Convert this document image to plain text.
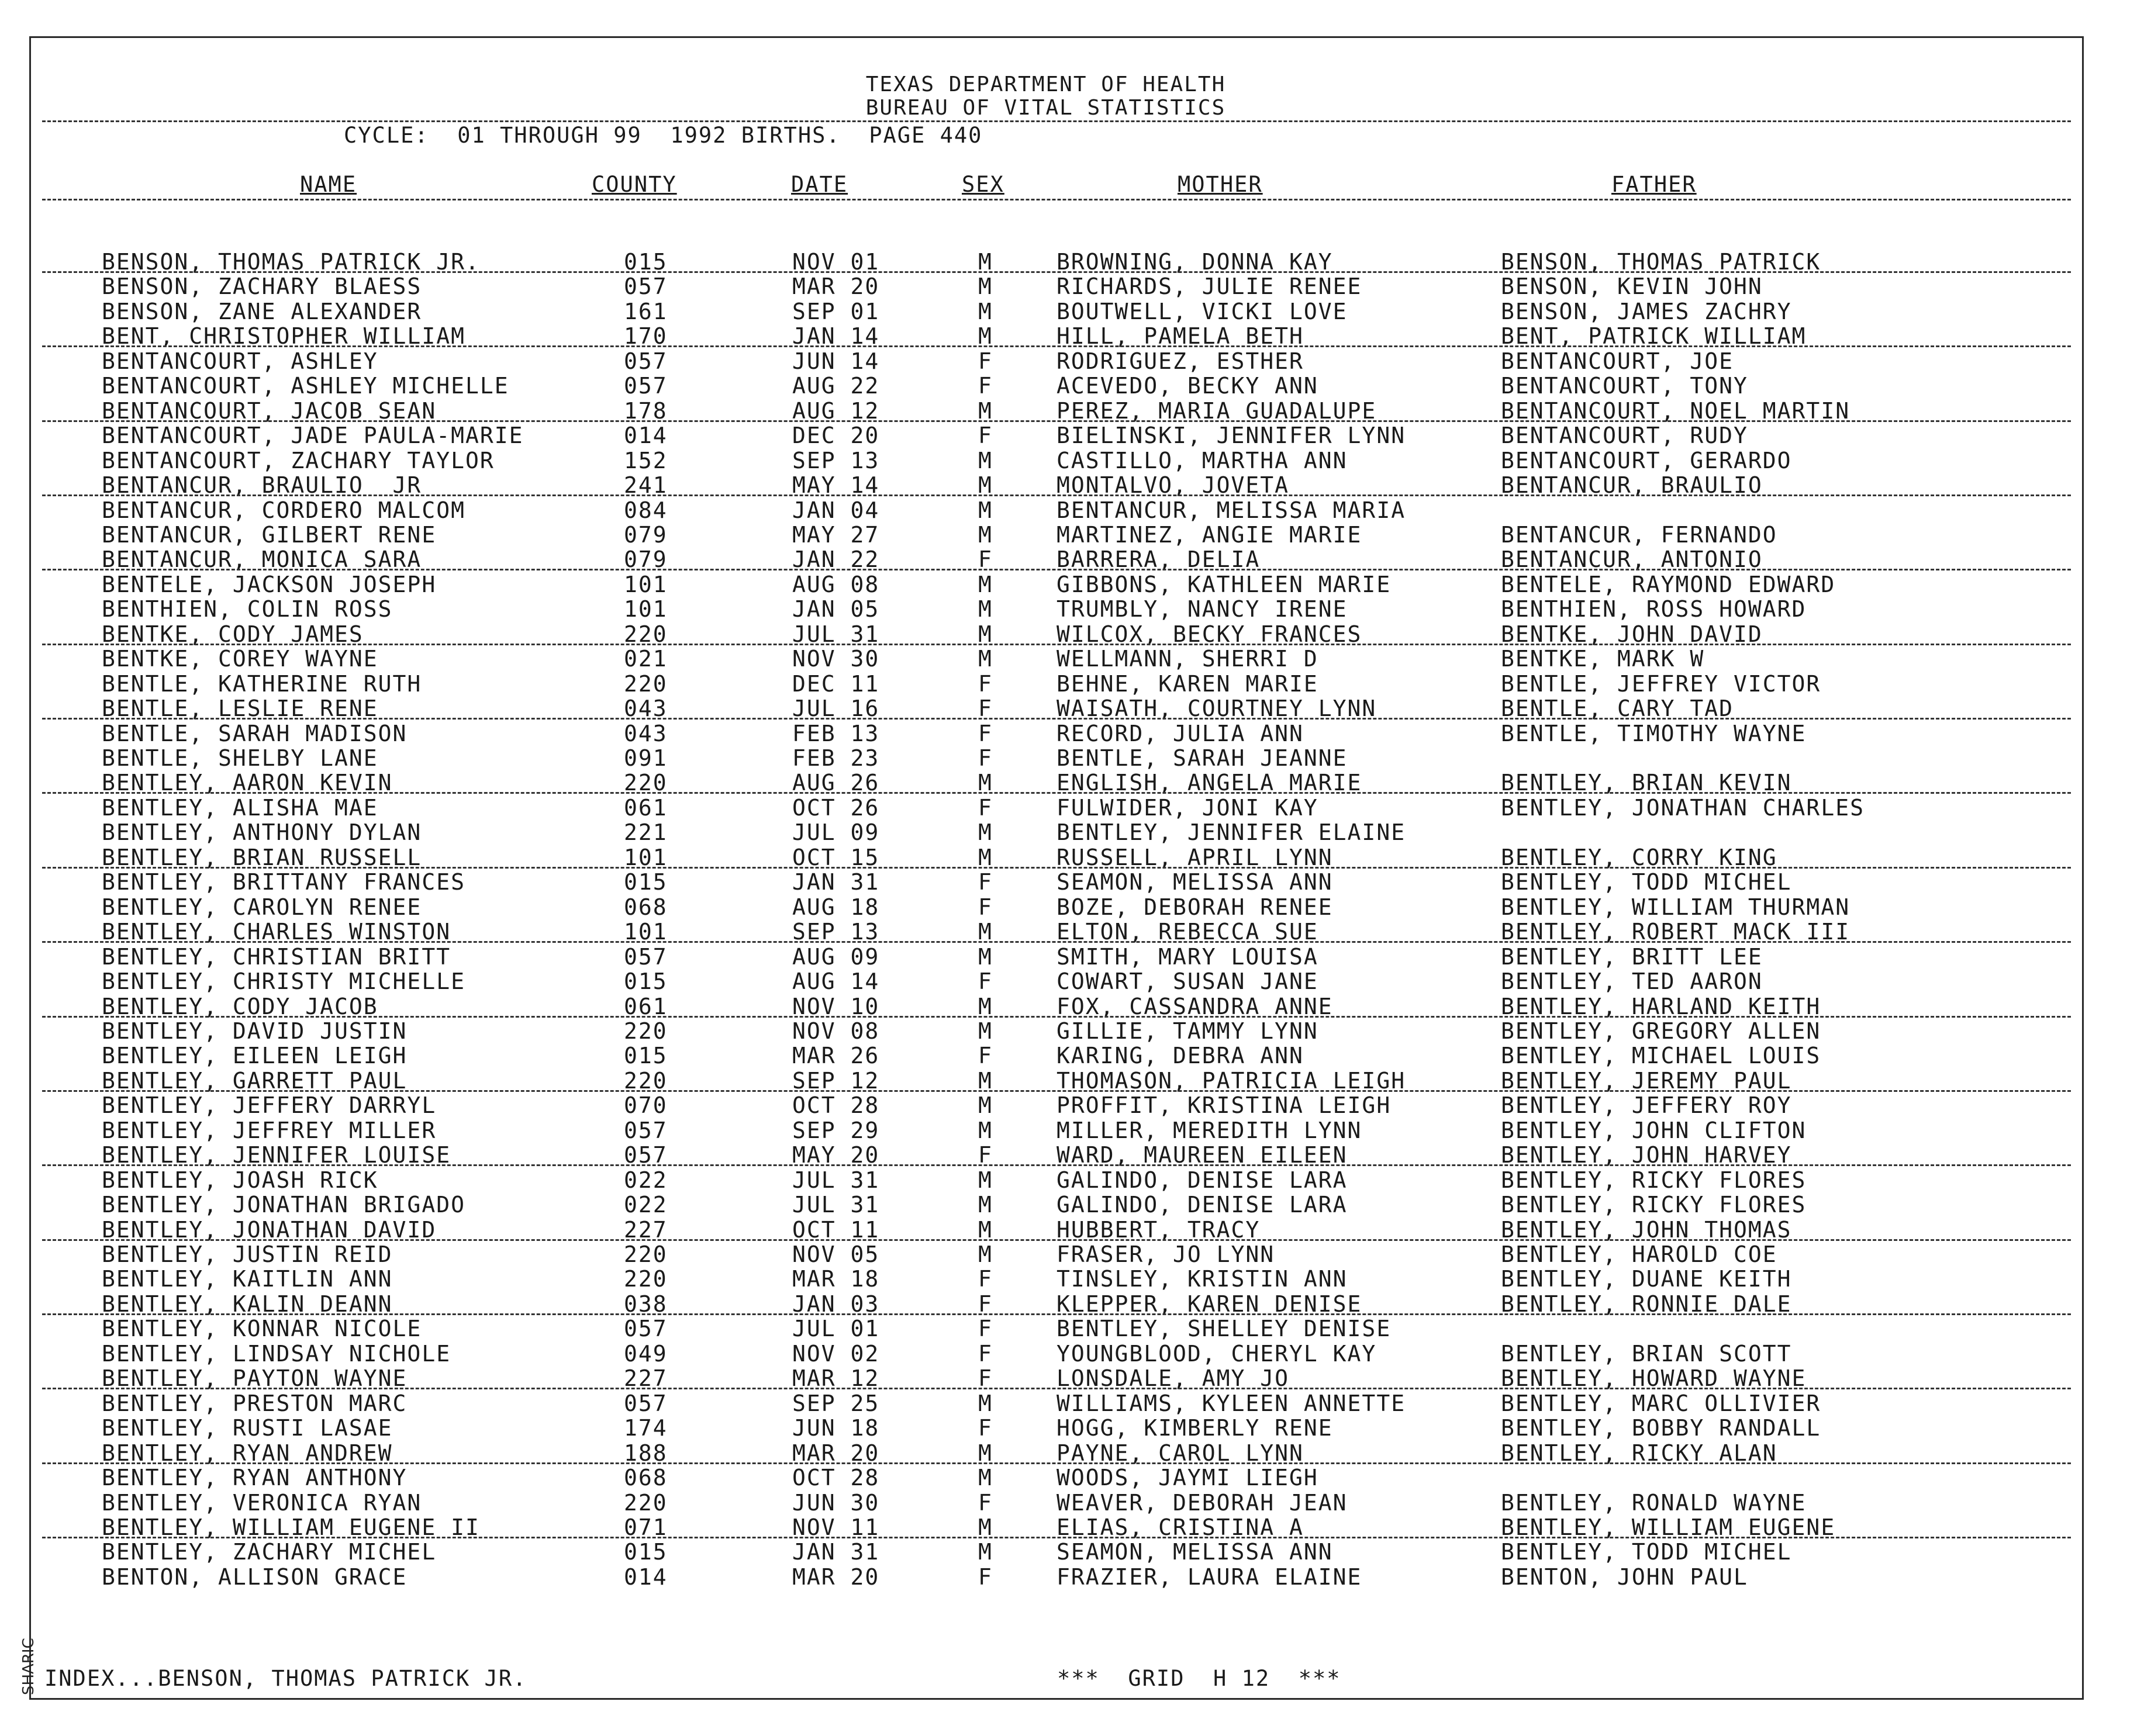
TEXAS DEPARTMENT OF HEALTH
BUREAU OF VITAL STATISTICS
CYCLE:  01 THROUGH 99  1992 BIRTHS.  PAGE 440
NAME	COUNTY	DATE	SEX	MOTHER	FATHER
BENSON, THOMAS PATRICK JR.	015	NOV 01	M	BROWNING, DONNA KAY	BENSON, THOMAS PATRICK
BENSON, ZACHARY BLAESS	057	MAR 20	M	RICHARDS, JULIE RENEE	BENSON, KEVIN JOHN
BENSON, ZANE ALEXANDER	161	SEP 01	M	BOUTWELL, VICKI LOVE	BENSON, JAMES ZACHRY
BENT, CHRISTOPHER WILLIAM	170	JAN 14	M	HILL, PAMELA BETH	BENT, PATRICK WILLIAM
BENTANCOURT, ASHLEY	057	JUN 14	F	RODRIGUEZ, ESTHER	BENTANCOURT, JOE
BENTANCOURT, ASHLEY MICHELLE	057	AUG 22	F	ACEVEDO, BECKY ANN	BENTANCOURT, TONY
BENTANCOURT, JACOB SEAN	178	AUG 12	M	PEREZ, MARIA GUADALUPE	BENTANCOURT, NOEL MARTIN
BENTANCOURT, JADE PAULA-MARIE	014	DEC 20	F	BIELINSKI, JENNIFER LYNN	BENTANCOURT, RUDY
BENTANCOURT, ZACHARY TAYLOR	152	SEP 13	M	CASTILLO, MARTHA ANN	BENTANCOURT, GERARDO
BENTANCUR, BRAULIO  JR	241	MAY 14	M	MONTALVO, JOVETA	BENTANCUR, BRAULIO
BENTANCUR, CORDERO MALCOM	084	JAN 04	M	BENTANCUR, MELISSA MARIA
BENTANCUR, GILBERT RENE	079	MAY 27	M	MARTINEZ, ANGIE MARIE	BENTANCUR, FERNANDO
BENTANCUR, MONICA SARA	079	JAN 22	F	BARRERA, DELIA	BENTANCUR, ANTONIO
BENTELE, JACKSON JOSEPH	101	AUG 08	M	GIBBONS, KATHLEEN MARIE	BENTELE, RAYMOND EDWARD
BENTHIEN, COLIN ROSS	101	JAN 05	M	TRUMBLY, NANCY IRENE	BENTHIEN, ROSS HOWARD
BENTKE, CODY JAMES	220	JUL 31	M	WILCOX, BECKY FRANCES	BENTKE, JOHN DAVID
BENTKE, COREY WAYNE	021	NOV 30	M	WELLMANN, SHERRI D	BENTKE, MARK W
BENTLE, KATHERINE RUTH	220	DEC 11	F	BEHNE, KAREN MARIE	BENTLE, JEFFREY VICTOR
BENTLE, LESLIE RENE	043	JUL 16	F	WAISATH, COURTNEY LYNN	BENTLE, CARY TAD
BENTLE, SARAH MADISON	043	FEB 13	F	RECORD, JULIA ANN	BENTLE, TIMOTHY WAYNE
BENTLE, SHELBY LANE	091	FEB 23	F	BENTLE, SARAH JEANNE
BENTLEY, AARON KEVIN	220	AUG 26	M	ENGLISH, ANGELA MARIE	BENTLEY, BRIAN KEVIN
BENTLEY, ALISHA MAE	061	OCT 26	F	FULWIDER, JONI KAY	BENTLEY, JONATHAN CHARLES
BENTLEY, ANTHONY DYLAN	221	JUL 09	M	BENTLEY, JENNIFER ELAINE
BENTLEY, BRIAN RUSSELL	101	OCT 15	M	RUSSELL, APRIL LYNN	BENTLEY, CORRY KING
BENTLEY, BRITTANY FRANCES	015	JAN 31	F	SEAMON, MELISSA ANN	BENTLEY, TODD MICHEL
BENTLEY, CAROLYN RENEE	068	AUG 18	F	BOZE, DEBORAH RENEE	BENTLEY, WILLIAM THURMAN
BENTLEY, CHARLES WINSTON	101	SEP 13	M	ELTON, REBECCA SUE	BENTLEY, ROBERT MACK III
BENTLEY, CHRISTIAN BRITT	057	AUG 09	M	SMITH, MARY LOUISA	BENTLEY, BRITT LEE
BENTLEY, CHRISTY MICHELLE	015	AUG 14	F	COWART, SUSAN JANE	BENTLEY, TED AARON
BENTLEY, CODY JACOB	061	NOV 10	M	FOX, CASSANDRA ANNE	BENTLEY, HARLAND KEITH
BENTLEY, DAVID JUSTIN	220	NOV 08	M	GILLIE, TAMMY LYNN	BENTLEY, GREGORY ALLEN
BENTLEY, EILEEN LEIGH	015	MAR 26	F	KARING, DEBRA ANN	BENTLEY, MICHAEL LOUIS
BENTLEY, GARRETT PAUL	220	SEP 12	M	THOMASON, PATRICIA LEIGH	BENTLEY, JEREMY PAUL
BENTLEY, JEFFERY DARRYL	070	OCT 28	M	PROFFIT, KRISTINA LEIGH	BENTLEY, JEFFERY ROY
BENTLEY, JEFFREY MILLER	057	SEP 29	M	MILLER, MEREDITH LYNN	BENTLEY, JOHN CLIFTON
BENTLEY, JENNIFER LOUISE	057	MAY 20	F	WARD, MAUREEN EILEEN	BENTLEY, JOHN HARVEY
BENTLEY, JOASH RICK	022	JUL 31	M	GALINDO, DENISE LARA	BENTLEY, RICKY FLORES
BENTLEY, JONATHAN BRIGADO	022	JUL 31	M	GALINDO, DENISE LARA	BENTLEY, RICKY FLORES
BENTLEY, JONATHAN DAVID	227	OCT 11	M	HUBBERT, TRACY	BENTLEY, JOHN THOMAS
BENTLEY, JUSTIN REID	220	NOV 05	M	FRASER, JO LYNN	BENTLEY, HAROLD COE
BENTLEY, KAITLIN ANN	220	MAR 18	F	TINSLEY, KRISTIN ANN	BENTLEY, DUANE KEITH
BENTLEY, KALIN DEANN	038	JAN 03	F	KLEPPER, KAREN DENISE	BENTLEY, RONNIE DALE
BENTLEY, KONNAR NICOLE	057	JUL 01	F	BENTLEY, SHELLEY DENISE
BENTLEY, LINDSAY NICHOLE	049	NOV 02	F	YOUNGBLOOD, CHERYL KAY	BENTLEY, BRIAN SCOTT
BENTLEY, PAYTON WAYNE	227	MAR 12	F	LONSDALE, AMY JO	BENTLEY, HOWARD WAYNE
BENTLEY, PRESTON MARC	057	SEP 25	M	WILLIAMS, KYLEEN ANNETTE	BENTLEY, MARC OLLIVIER
BENTLEY, RUSTI LASAE	174	JUN 18	F	HOGG, KIMBERLY RENE	BENTLEY, BOBBY RANDALL
BENTLEY, RYAN ANDREW	188	MAR 20	M	PAYNE, CAROL LYNN	BENTLEY, RICKY ALAN
BENTLEY, RYAN ANTHONY	068	OCT 28	M	WOODS, JAYMI LIEGH
BENTLEY, VERONICA RYAN	220	JUN 30	F	WEAVER, DEBORAH JEAN	BENTLEY, RONALD WAYNE
BENTLEY, WILLIAM EUGENE II	071	NOV 11	M	ELIAS, CRISTINA A	BENTLEY, WILLIAM EUGENE
BENTLEY, ZACHARY MICHEL	015	JAN 31	M	SEAMON, MELISSA ANN	BENTLEY, TODD MICHEL
BENTON, ALLISON GRACE	014	MAR 20	F	FRAZIER, LAURA ELAINE	BENTON, JOHN PAUL
INDEX...BENSON, THOMAS PATRICK JR.	***  GRID  H 12  ***
SHARIC
